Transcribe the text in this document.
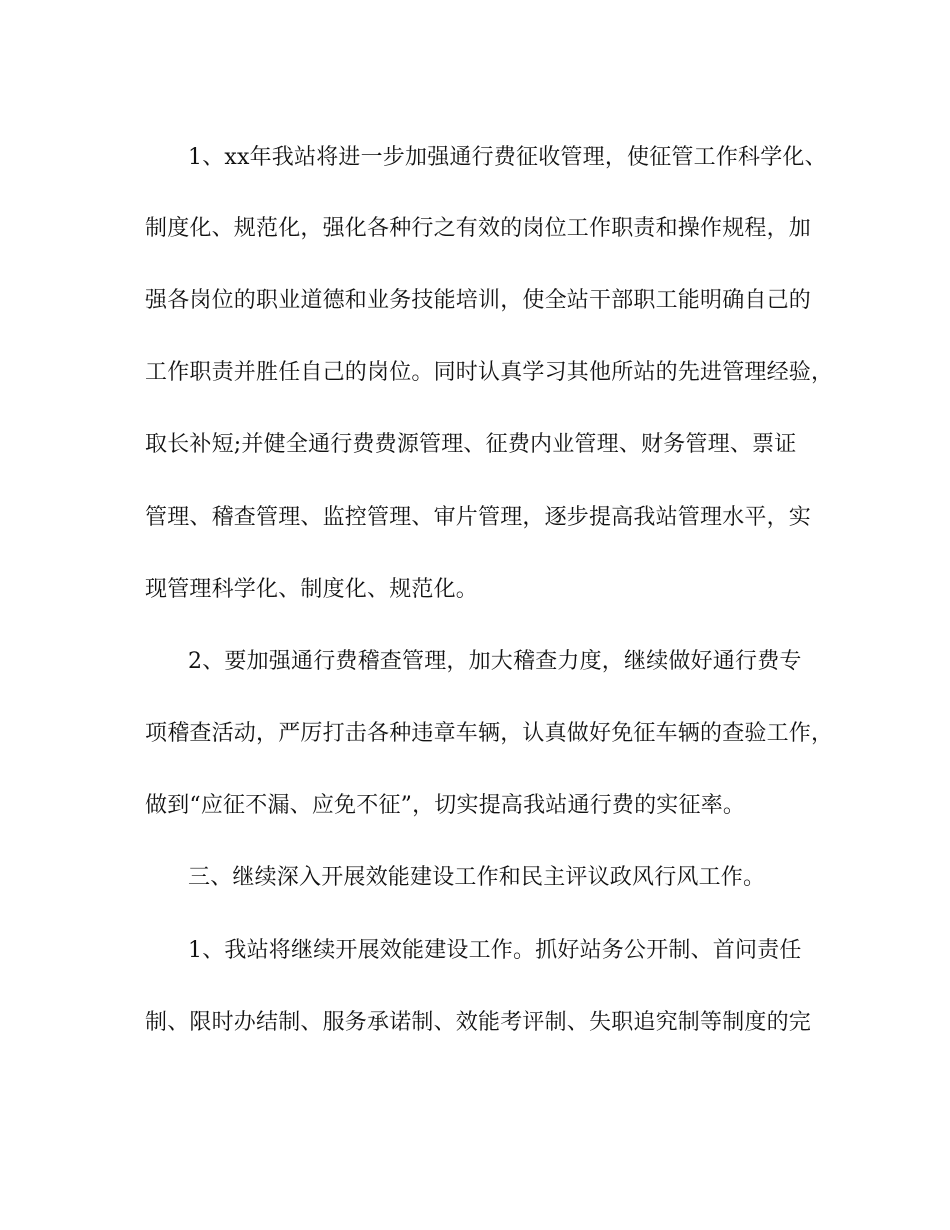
1、xx年我站将进一步加强通行费征收管理，使征管工作科学化、

制度化、规范化，强化各种行之有效的岗位工作职责和操作规程，加

强各岗位的职业道德和业务技能培训，使全站干部职工能明确自己的

工作职责并胜任自己的岗位。同时认真学习其他所站的先进管理经验，

取长补短;并健全通行费费源管理、征费内业管理、财务管理、票证

管理、稽查管理、监控管理、审片管理，逐步提高我站管理水平，实

现管理科学化、制度化、规范化。

2、要加强通行费稽查管理，加大稽查力度，继续做好通行费专

项稽查活动，严厉打击各种违章车辆，认真做好免征车辆的查验工作，

做到“应征不漏、应免不征”，切实提高我站通行费的实征率。

三、继续深入开展效能建设工作和民主评议政风行风工作。

1、我站将继续开展效能建设工作。抓好站务公开制、首问责任

制、限时办结制、服务承诺制、效能考评制、失职追究制等制度的完
